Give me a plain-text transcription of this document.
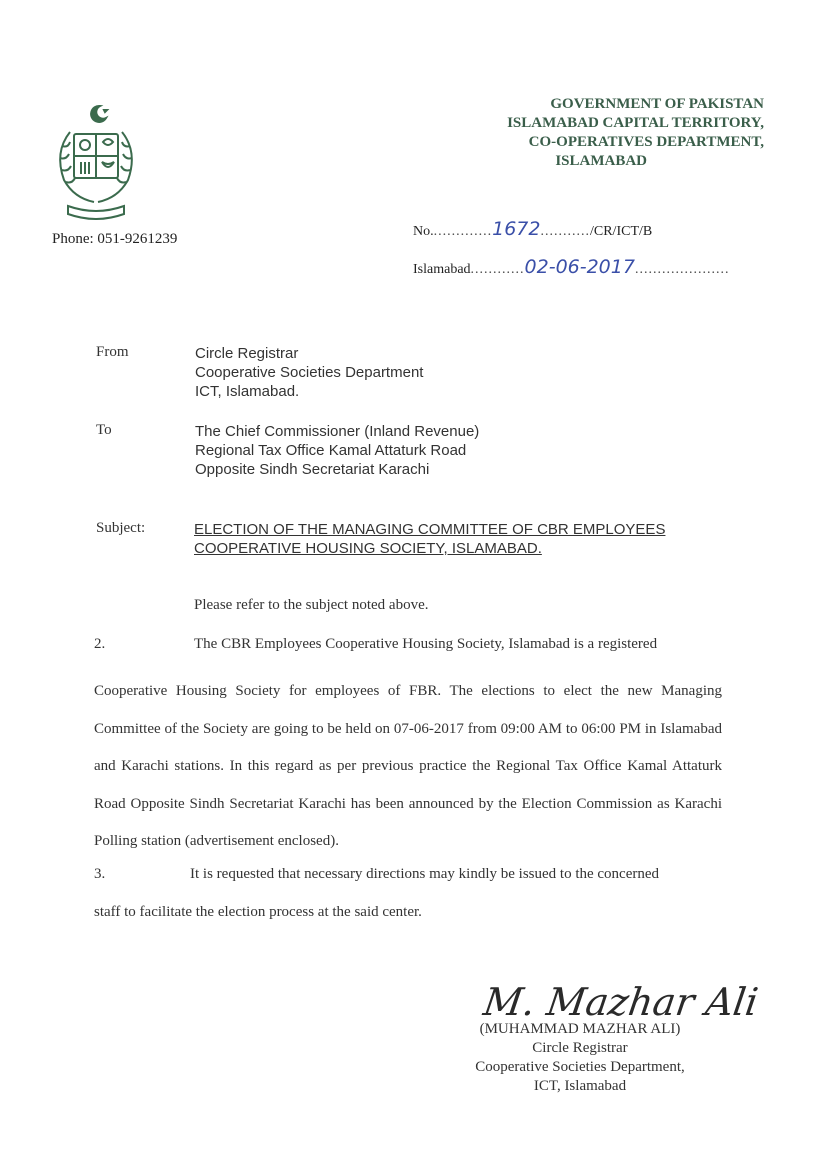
Phone: 051-9261239
GOVERNMENT OF PAKISTAN
ISLAMABAD CAPITAL TERRITORY,
CO-OPERATIVES DEPARTMENT,
ISLAMABAD
No..............1672.........../CR/ICT/B
Islamabad............02-06-2017.....................
From	Circle Registrar
Cooperative Societies Department
ICT, Islamabad.
To	The Chief Commissioner (Inland Revenue)
Regional Tax Office Kamal Attaturk Road
Opposite Sindh Secretariat Karachi
Subject:	ELECTION OF THE MANAGING COMMITTEE OF CBR EMPLOYEES COOPERATIVE HOUSING SOCIETY, ISLAMABAD.
Please refer to the subject noted above.
2.	The CBR Employees Cooperative Housing Society, Islamabad is a registered
Cooperative Housing Society for employees of FBR. The elections to elect the new Managing Committee of the Society are going to be held on 07-06-2017 from 09:00 AM to 06:00 PM in Islamabad and Karachi stations. In this regard as per previous practice the Regional Tax Office Kamal Attaturk Road Opposite Sindh Secretariat Karachi has been announced by the Election Commission as Karachi Polling station (advertisement enclosed).
3.	It is requested that necessary directions may kindly be issued to the concerned
staff to facilitate the election process at the said center.
M. Mazhar Ali
(MUHAMMAD MAZHAR ALI)
Circle Registrar
Cooperative Societies Department,
ICT, Islamabad
